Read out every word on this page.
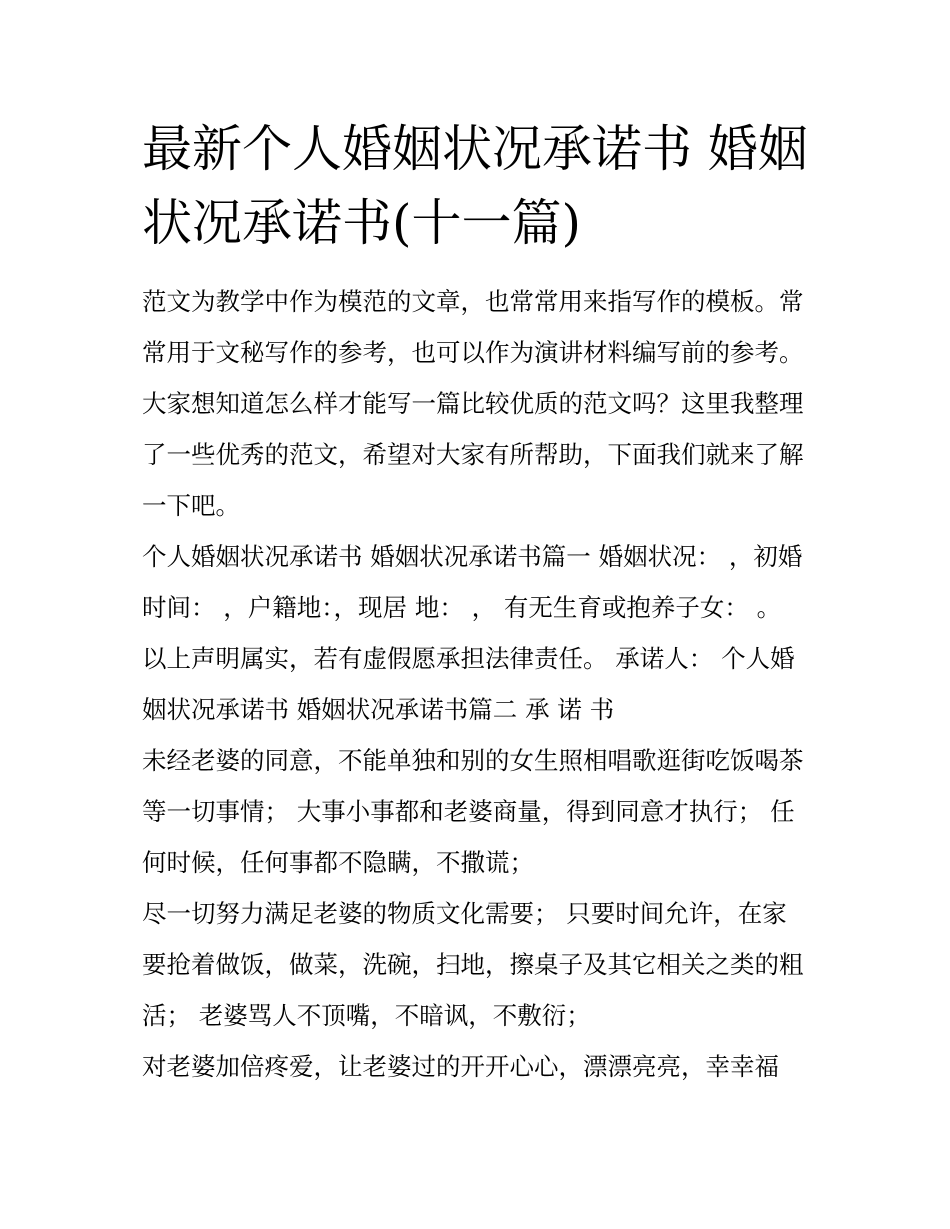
最新个人婚姻状况承诺书 婚姻
状况承诺书(十一篇)
范文为教学中作为模范的文章，也常常用来指写作的模板。常
常用于文秘写作的参考，也可以作为演讲材料编写前的参考。
大家想知道怎么样才能写一篇比较优质的范文吗？这里我整理
了一些优秀的范文，希望对大家有所帮助，下面我们就来了解
一下吧。
个人婚姻状况承诺书 婚姻状况承诺书篇一 婚姻状况： ，初婚
时间： ，户籍地：，现居 地： ， 有无生育或抱养子女： 。
以上声明属实，若有虚假愿承担法律责任。 承诺人： 个人婚
姻状况承诺书 婚姻状况承诺书篇二 承 诺 书
未经老婆的同意，不能单独和别的女生照相唱歌逛街吃饭喝茶
等一切事情； 大事小事都和老婆商量，得到同意才执行； 任
何时候，任何事都不隐瞒，不撒谎；
尽一切努力满足老婆的物质文化需要； 只要时间允许，在家
要抢着做饭，做菜，洗碗，扫地，擦桌子及其它相关之类的粗
活； 老婆骂人不顶嘴，不暗讽，不敷衍；
对老婆加倍疼爱，让老婆过的开开心心，漂漂亮亮，幸幸福
